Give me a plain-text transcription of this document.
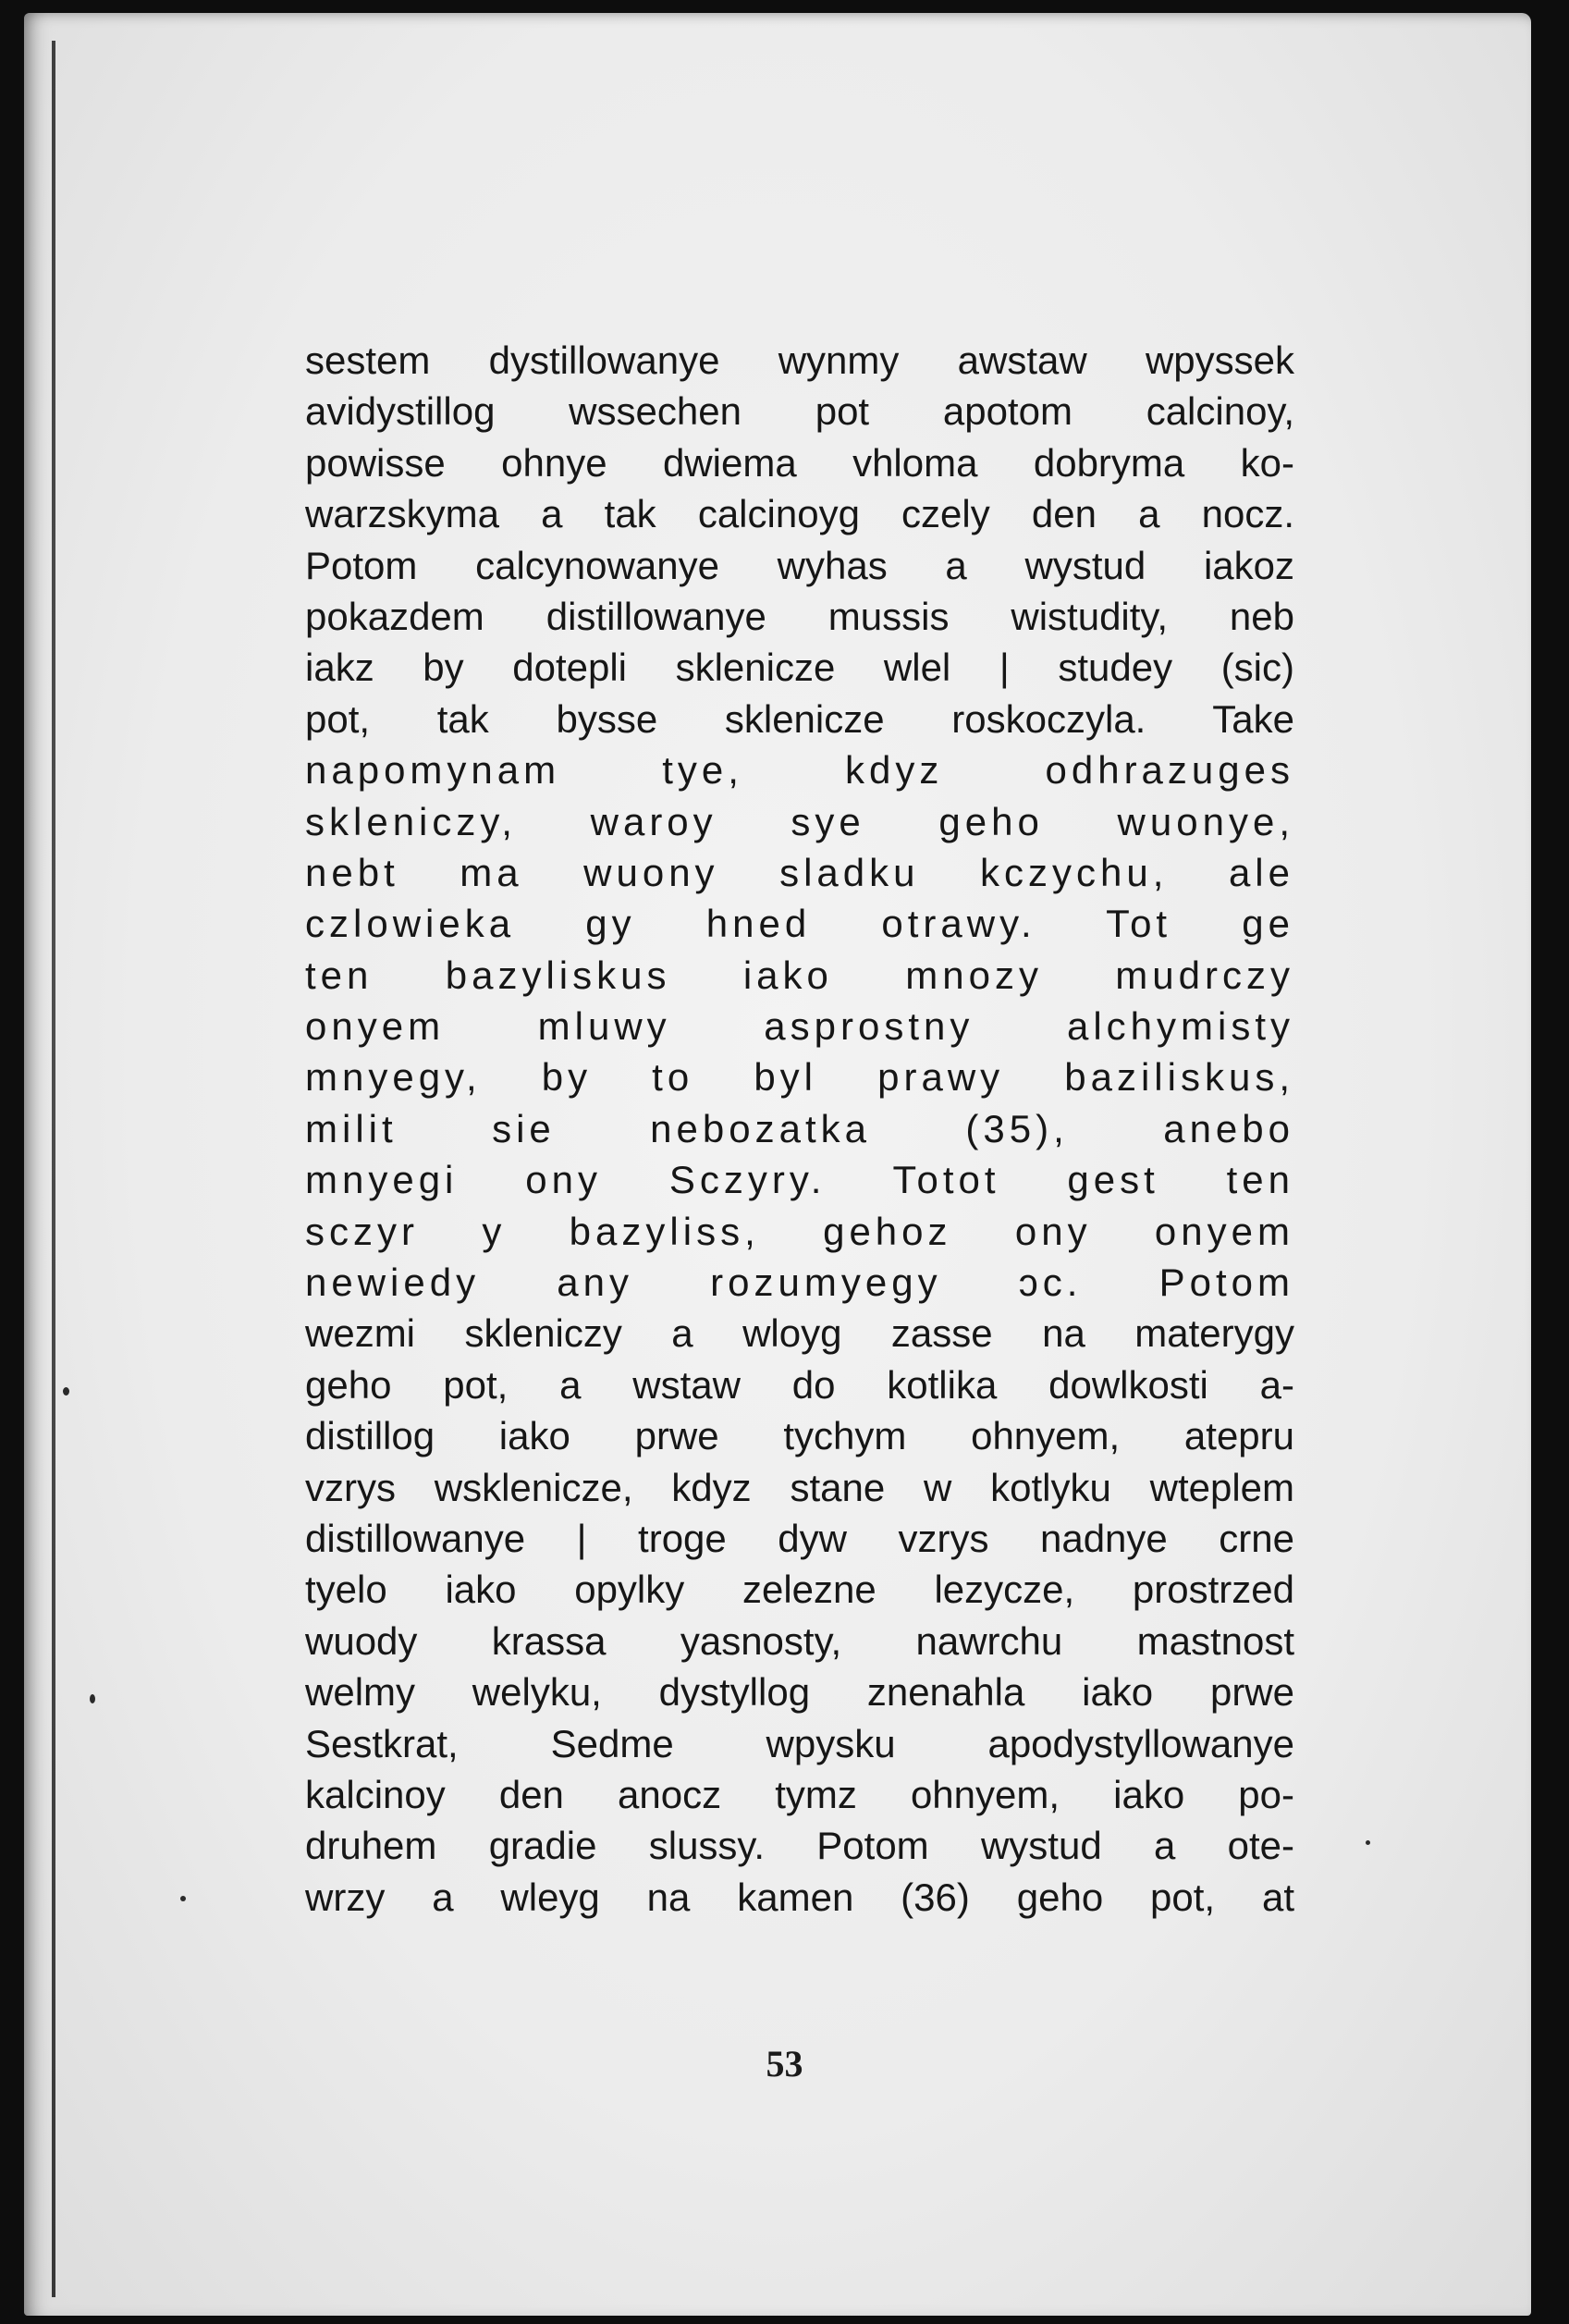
sestem dystillowanye wynmy awstaw wpyssek
avidystillog wssechen pot apotom calcinoy,
powisse ohnye dwiema vhloma dobryma ko-
warzskyma a tak calcinoyg czely den a nocz.
Potom calcynowanye wyhas a wystud iakoz
pokazdem distillowanye mussis wistudity, neb
iakz by dotepli sklenicze wlel | studey (sic)
pot, tak bysse sklenicze roskoczyla. Take
napomynam tye, kdyz odhrazuges
skleniczy, waroy sye geho wuonye,
nebt ma wuony sladku kczychu, ale
czlowieka gy hned otrawy. Tot ge
ten bazyliskus iako mnozy mudrczy
onyem mluwy asprostny alchymisty
mnyegy, by to byl prawy baziliskus,
milit sie nebozatka (35), anebo
mnyegi ony Sczyry. Totot gest ten
sczyr y bazyliss, gehoz ony onyem
newiedy any rozumyegy ɔc. Potom
wezmi skleniczy a wloyg zasse na materygy
geho pot, a wstaw do kotlika dowlkosti a-
distillog iako prwe tychym ohnyem, atepru
vzrys wsklenicze, kdyz stane w kotlyku wteplem
distillowanye | troge dyw vzrys nadnye crne
tyelo iako opylky zelezne lezycze, prostrzed
wuody krassa yasnosty, nawrchu mastnost
welmy welyku, dystyllog znenahla iako prwe
Sestkrat, Sedme wpysku apodystyllowanye
kalcinoy den anocz tymz ohnyem, iako po-
druhem gradie slussy. Potom wystud a ote-
wrzy a wleyg na kamen (36) geho pot, at
53
